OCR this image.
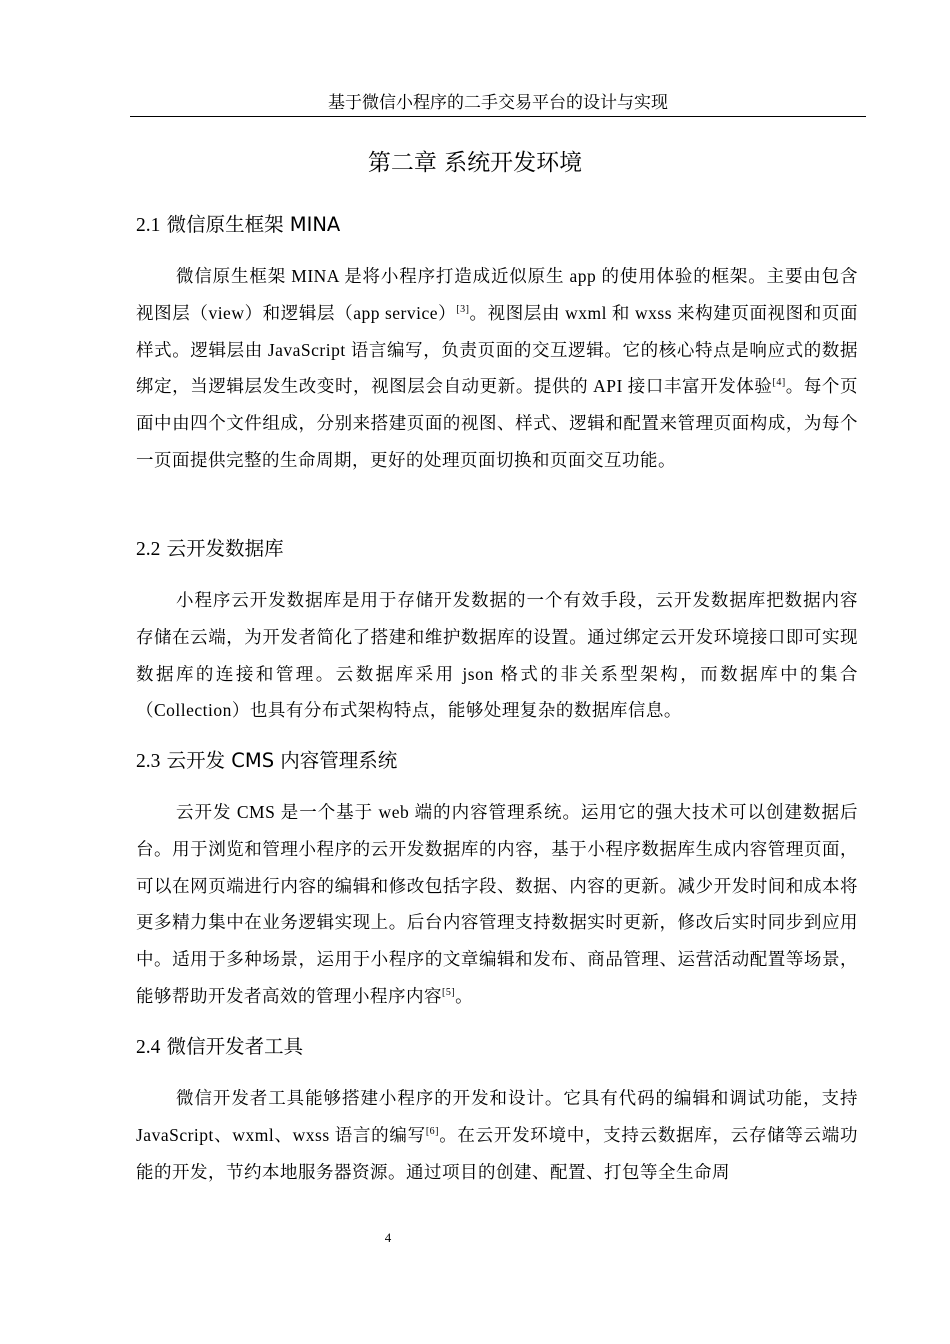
基于微信小程序的二手交易平台的设计与实现
第二章 系统开发环境
2.1 微信原生框架 MINA
微信原生框架 MINA 是将小程序打造成近似原生 app 的使用体验的框架。主要由包含视图层（view）和逻辑层（app service）[3]。视图层由 wxml 和 wxss 来构建页面视图和页面样式。逻辑层由 JavaScript 语言编写，负责页面的交互逻辑。它的核心特点是响应式的数据绑定，当逻辑层发生改变时，视图层会自动更新。提供的 API 接口丰富开发体验[4]。每个页面中由四个文件组成，分别来搭建页面的视图、样式、逻辑和配置来管理页面构成，为每个一页面提供完整的生命周期，更好的处理页面切换和页面交互功能。
2.2 云开发数据库
小程序云开发数据库是用于存储开发数据的一个有效手段，云开发数据库把数据内容存储在云端，为开发者简化了搭建和维护数据库的设置。通过绑定云开发环境接口即可实现数据库的连接和管理。云数据库采用 json 格式的非关系型架构，而数据库中的集合（Collection）也具有分布式架构特点，能够处理复杂的数据库信息。
2.3 云开发 CMS 内容管理系统
云开发 CMS 是一个基于 web 端的内容管理系统。运用它的强大技术可以创建数据后台。用于浏览和管理小程序的云开发数据库的内容，基于小程序数据库生成内容管理页面，可以在网页端进行内容的编辑和修改包括字段、数据、内容的更新。减少开发时间和成本将更多精力集中在业务逻辑实现上。后台内容管理支持数据实时更新，修改后实时同步到应用中。适用于多种场景，运用于小程序的文章编辑和发布、商品管理、运营活动配置等场景，能够帮助开发者高效的管理小程序内容[5]。
2.4 微信开发者工具
微信开发者工具能够搭建小程序的开发和设计。它具有代码的编辑和调试功能，支持 JavaScript、wxml、wxss 语言的编写[6]。在云开发环境中，支持云数据库，云存储等云端功能的开发，节约本地服务器资源。通过项目的创建、配置、打包等全生命周
4
